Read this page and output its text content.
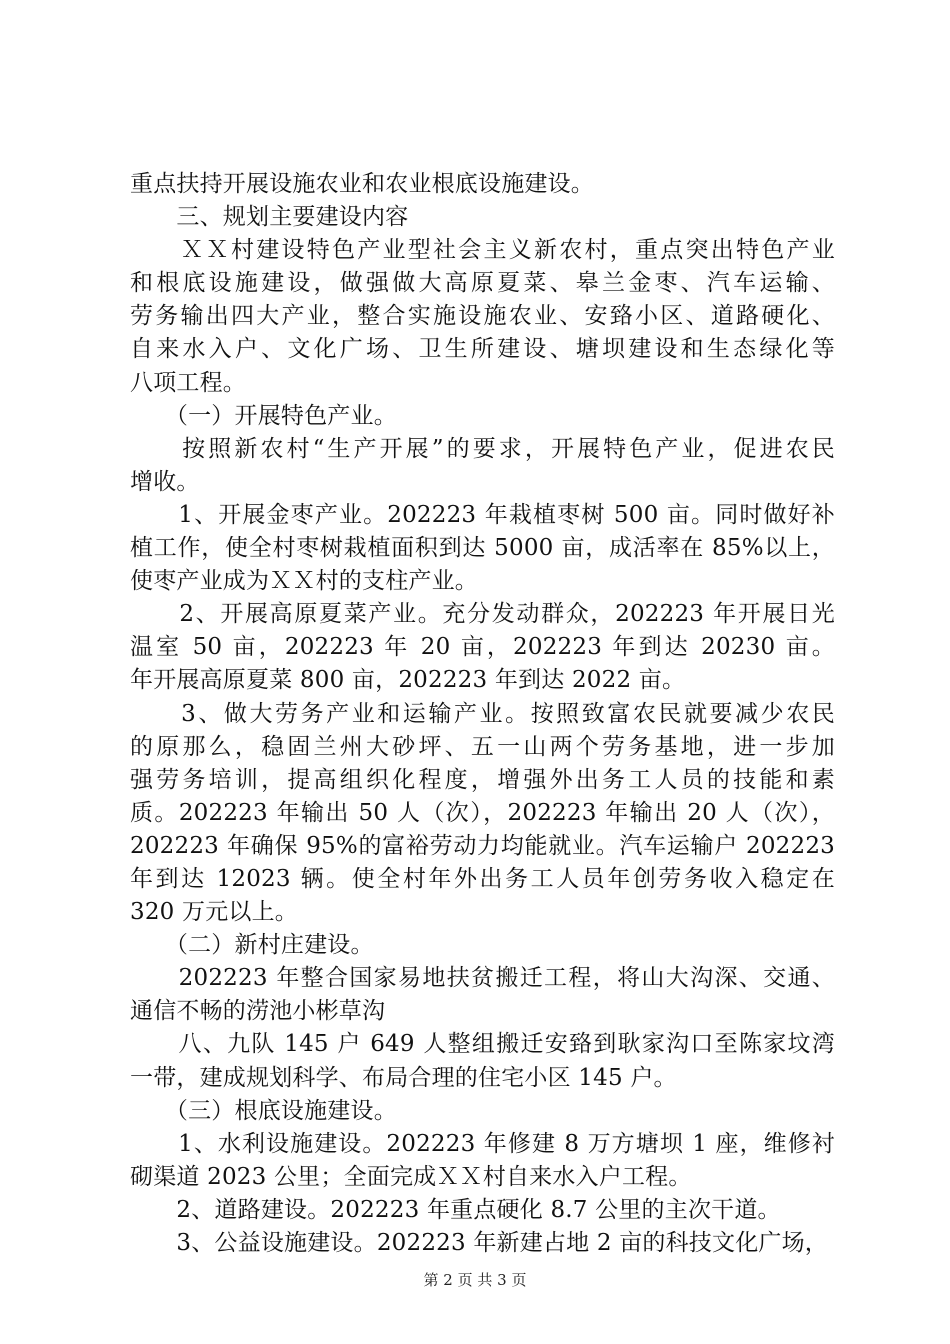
重点扶持开展设施农业和农业根底设施建设。
　　三、规划主要建设内容
　　ＸＸ村建设特色产业型社会主义新农村，重点突出特色产业
和根底设施建设，做强做大高原夏菜、皋兰金枣、汽车运输、
劳务输出四大产业，整合实施设施农业、安臵小区、道路硬化、
自来水入户、文化广场、卫生所建设、塘坝建设和生态绿化等
八项工程。
　　（一）开展特色产业。
　　按照新农村“生产开展”的要求，开展特色产业，促进农民
增收。
　　1、开展金枣产业。202223 年栽植枣树 500 亩。同时做好补
植工作，使全村枣树栽植面积到达 5000 亩，成活率在 85%以上，
使枣产业成为ＸＸ村的支柱产业。
　　2、开展高原夏菜产业。充分发动群众，202223 年开展日光
温室 50 亩，202223 年 20 亩，202223 年到达 20230 亩。
年开展高原夏菜 800 亩，202223 年到达 2022 亩。
　　3、做大劳务产业和运输产业。按照致富农民就要减少农民
的原那么，稳固兰州大砂坪、五一山两个劳务基地，进一步加
强劳务培训，提高组织化程度，增强外出务工人员的技能和素
质。202223 年输出 50 人（次），202223 年输出 20 人（次），
202223 年确保 95%的富裕劳动力均能就业。汽车运输户 202223
年到达 12023 辆。使全村年外出务工人员年创劳务收入稳定在
320 万元以上。
　　（二）新村庄建设。
　　202223 年整合国家易地扶贫搬迁工程，将山大沟深、交通、
通信不畅的涝池小彬草沟
　　八、九队 145 户 649 人整组搬迁安臵到耿家沟口至陈家坟湾
一带，建成规划科学、布局合理的住宅小区 145 户。
　　（三）根底设施建设。
　　1、水利设施建设。202223 年修建 8 万方塘坝 1 座，维修衬
砌渠道 2023 公里；全面完成ＸＸ村自来水入户工程。
　　2、道路建设。202223 年重点硬化 8.7 公里的主次干道。
　　3、公益设施建设。202223 年新建占地 2 亩的科技文化广场，
第 2 页 共 3 页
